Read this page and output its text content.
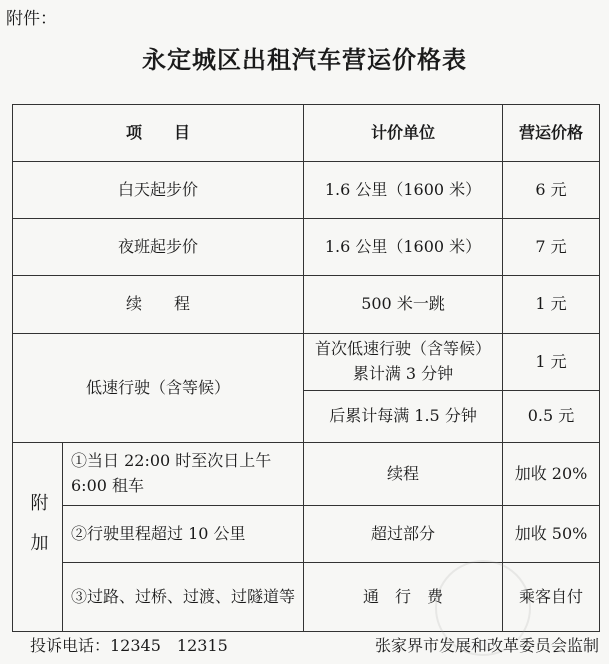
附件：
永定城区出租汽车营运价格表
项　　目		计价单位	营运价格
白天起步价		1.6 公里（1600 米）	6 元
夜班起步价		1.6 公里（1600 米）	7 元
续　　程		500 米一跳	1 元
低速行驶（含等候）		首次低速行驶（含等候）累计满 3 分钟	1 元
		后累计每满 1.5 分钟	0.5 元
附加	①当日 22:00 时至次日上午 6:00 租车	续程	加收 20%
	②行驶里程超过 10 公里	超过部分	加收 50%
	③过路、过桥、过渡、过隧道等	通　行　费	乘客自付
投诉电话：12345　12315	张家界市发展和改革委员会监制
